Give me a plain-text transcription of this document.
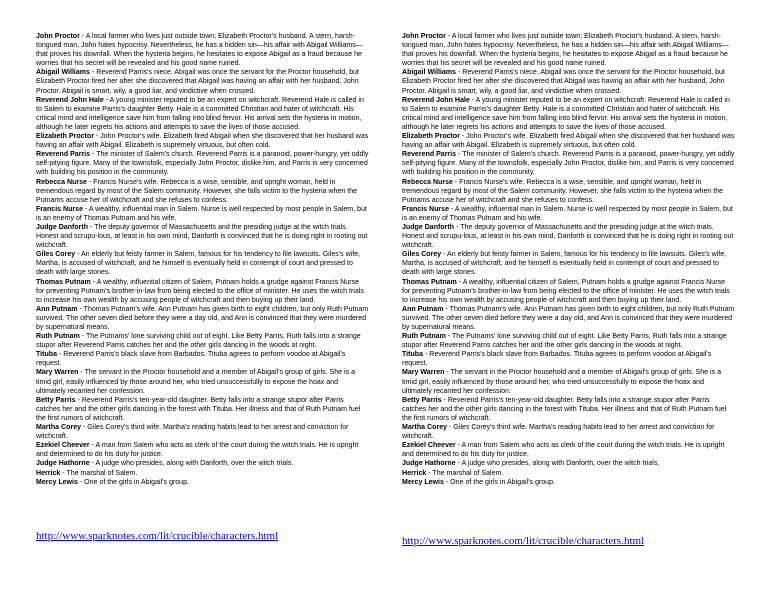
John Proctor - A local farmer who lives just outside town; Elizabeth Proctor's husband. A stern, harsh-tongued man, John hates hypocrisy. Nevertheless, he has a hidden sin—his affair with Abigail Williams—that proves his downfall. When the hysteria begins, he hesitates to expose Abigail as a fraud because he worries that his secret will be revealed and his good name ruined.

Abigail Williams - Reverend Parris's niece. Abigail was once the servant for the Proctor household, but Elizabeth Proctor fired her after she discovered that Abigail was having an affair with her husband, John Proctor. Abigail is smart, wily, a good liar, and vindictive when crossed.

Reverend John Hale - A young minister reputed to be an expert on witchcraft. Reverend Hale is called in to Salem to examine Parris's daughter Betty. Hale is a committed Christian and hater of witchcraft. His critical mind and intelligence save him from falling into blind fervor. His arrival sets the hysteria in motion, although he later regrets his actions and attempts to save the lives of those accused.

Elizabeth Proctor - John Proctor's wife. Elizabeth fired Abigail when she discovered that her husband was having an affair with Abigail. Elizabeth is supremely virtuous, but often cold.

Reverend Parris - The minister of Salem's church. Reverend Parris is a paranoid, power-hungry, yet oddly self-pitying figure. Many of the townsfolk, especially John Proctor, dislike him, and Parris is very concerned with building his position in the community.

Rebecca Nurse - Francis Nurse's wife. Rebecca is a wise, sensible, and upright woman, held in tremendous regard by most of the Salem community. However, she falls victim to the hysteria when the Putnams accuse her of witchcraft and she refuses to confess.

Francis Nurse - A wealthy, influential man in Salem. Nurse is well respected by most people in Salem, but is an enemy of Thomas Putnam and his wife.

Judge Danforth - The deputy governor of Massachusetts and the presiding judge at the witch trials. Honest and scrupu-lous, at least in his own mind, Danforth is convinced that he is doing right in rooting out witchcraft.

Giles Corey - An elderly but feisty farmer in Salem, famous for his tendency to file lawsuits. Giles's wife, Martha, is accused of witchcraft, and he himself is eventually held in contempt of court and pressed to death with large stones.

Thomas Putnam - A wealthy, influential citizen of Salem, Putnam holds a grudge against Francis Nurse for preventing Putnam's brother-in-law from being elected to the office of minister. He uses the witch trials to increase his own wealth by accusing people of witchcraft and then buying up their land.

Ann Putnam - Thomas Putnam's wife. Ann Putnam has given birth to eight children, but only Ruth Putnam survived. The other seven died before they were a day old, and Ann is convinced that they were murdered by supernatural means.

Ruth Putnam - The Putnams' lone surviving child out of eight. Like Betty Parris, Ruth falls into a strange stupor after Reverend Parris catches her and the other girls dancing in the woods at night.

Tituba - Reverend Parris's black slave from Barbados. Tituba agrees to perform voodoo at Abigail's request.

Mary Warren - The servant in the Proctor household and a member of Abigail's group of girls. She is a timid girl, easily influenced by those around her, who tried unsuccessfully to expose the hoax and ultimately recanted her confession.

Betty Parris - Reverend Parris's ten-year-old daughter. Betty falls into a strange stupor after Parris catches her and the other girls dancing in the forest with Tituba. Her illness and that of Ruth Putnam fuel the first rumors of witchcraft.

Martha Corey - Giles Corey's third wife. Martha's reading habits lead to her arrest and conviction for witchcraft.

Ezekiel Cheever - A man from Salem who acts as clerk of the court during the witch trials. He is upright and determined to do his duty for justice.

Judge Hathorne - A judge who presides, along with Danforth, over the witch trials.

Herrick - The marshal of Salem.

Mercy Lewis - One of the girls in Abigail's group.

John Proctor - A local farmer who lives just outside town; Elizabeth Proctor's husband. A stern, harsh-tongued man, John hates hypocrisy. Nevertheless, he has a hidden sin—his affair with Abigail Williams—that proves his downfall. When the hysteria begins, he hesitates to expose Abigail as a fraud because he worries that his secret will be revealed and his good name ruined.

Abigail Williams - Reverend Parris's niece. Abigail was once the servant for the Proctor household, but Elizabeth Proctor fired her after she discovered that Abigail was having an affair with her husband, John Proctor. Abigail is smart, wily, a good liar, and vindictive when crossed.

Reverend John Hale - A young minister reputed to be an expert on witchcraft. Reverend Hale is called in to Salem to examine Parris's daughter Betty. Hale is a committed Christian and hater of witchcraft. His critical mind and intelligence save him from falling into blind fervor. His arrival sets the hysteria in motion, although he later regrets his actions and attempts to save the lives of those accused.

Elizabeth Proctor - John Proctor's wife. Elizabeth fired Abigail when she discovered that her husband was having an affair with Abigail. Elizabeth is supremely virtuous, but often cold.

Reverend Parris - The minister of Salem's church. Reverend Parris is a paranoid, power-hungry, yet oddly self-pitying figure. Many of the townsfolk, especially John Proctor, dislike him, and Parris is very concerned with building his position in the community.

Rebecca Nurse - Francis Nurse's wife. Rebecca is a wise, sensible, and upright woman, held in tremendous regard by most of the Salem community. However, she falls victim to the hysteria when the Putnams accuse her of witchcraft and she refuses to confess.

Francis Nurse - A wealthy, influential man in Salem. Nurse is well respected by most people in Salem, but is an enemy of Thomas Putnam and his wife.

Judge Danforth - The deputy governor of Massachusetts and the presiding judge at the witch trials. Honest and scrupu-lous, at least in his own mind, Danforth is convinced that he is doing right in rooting out witchcraft.

Giles Corey - An elderly but feisty farmer in Salem, famous for his tendency to file lawsuits. Giles's wife, Martha, is accused of witchcraft, and he himself is eventually held in contempt of court and pressed to death with large stones.

Thomas Putnam - A wealthy, influential citizen of Salem, Putnam holds a grudge against Francis Nurse for preventing Putnam's brother-in-law from being elected to the office of minister. He uses the witch trials to increase his own wealth by accusing people of witchcraft and then buying up their land.

Ann Putnam - Thomas Putnam's wife. Ann Putnam has given birth to eight children, but only Ruth Putnam survived. The other seven died before they were a day old, and Ann is convinced that they were murdered by supernatural means.

Ruth Putnam - The Putnams' lone surviving child out of eight. Like Betty Parris, Ruth falls into a strange stupor after Reverend Parris catches her and the other girls dancing in the woods at night.

Tituba - Reverend Parris's black slave from Barbados. Tituba agrees to perform voodoo at Abigail's request.

Mary Warren - The servant in the Proctor household and a member of Abigail's group of girls. She is a timid girl, easily influenced by those around her, who tried unsuccessfully to expose the hoax and ultimately recanted her confession.

Betty Parris - Reverend Parris's ten-year-old daughter. Betty falls into a strange stupor after Parris catches her and the other girls dancing in the forest with Tituba. Her illness and that of Ruth Putnam fuel the first rumors of witchcraft.

Martha Corey - Giles Corey's third wife. Martha's reading habits lead to her arrest and conviction for witchcraft.

Ezekiel Cheever - A man from Salem who acts as clerk of the court during the witch trials. He is upright and determined to do his duty for justice.

Judge Hathorne - A judge who presides, along with Danforth, over the witch trials.

Herrick - The marshal of Salem.

Mercy Lewis - One of the girls in Abigail's group.

http://www.sparknotes.com/lit/crucible/characters.html	http://www.sparknotes.com/lit/crucible/characters.html
